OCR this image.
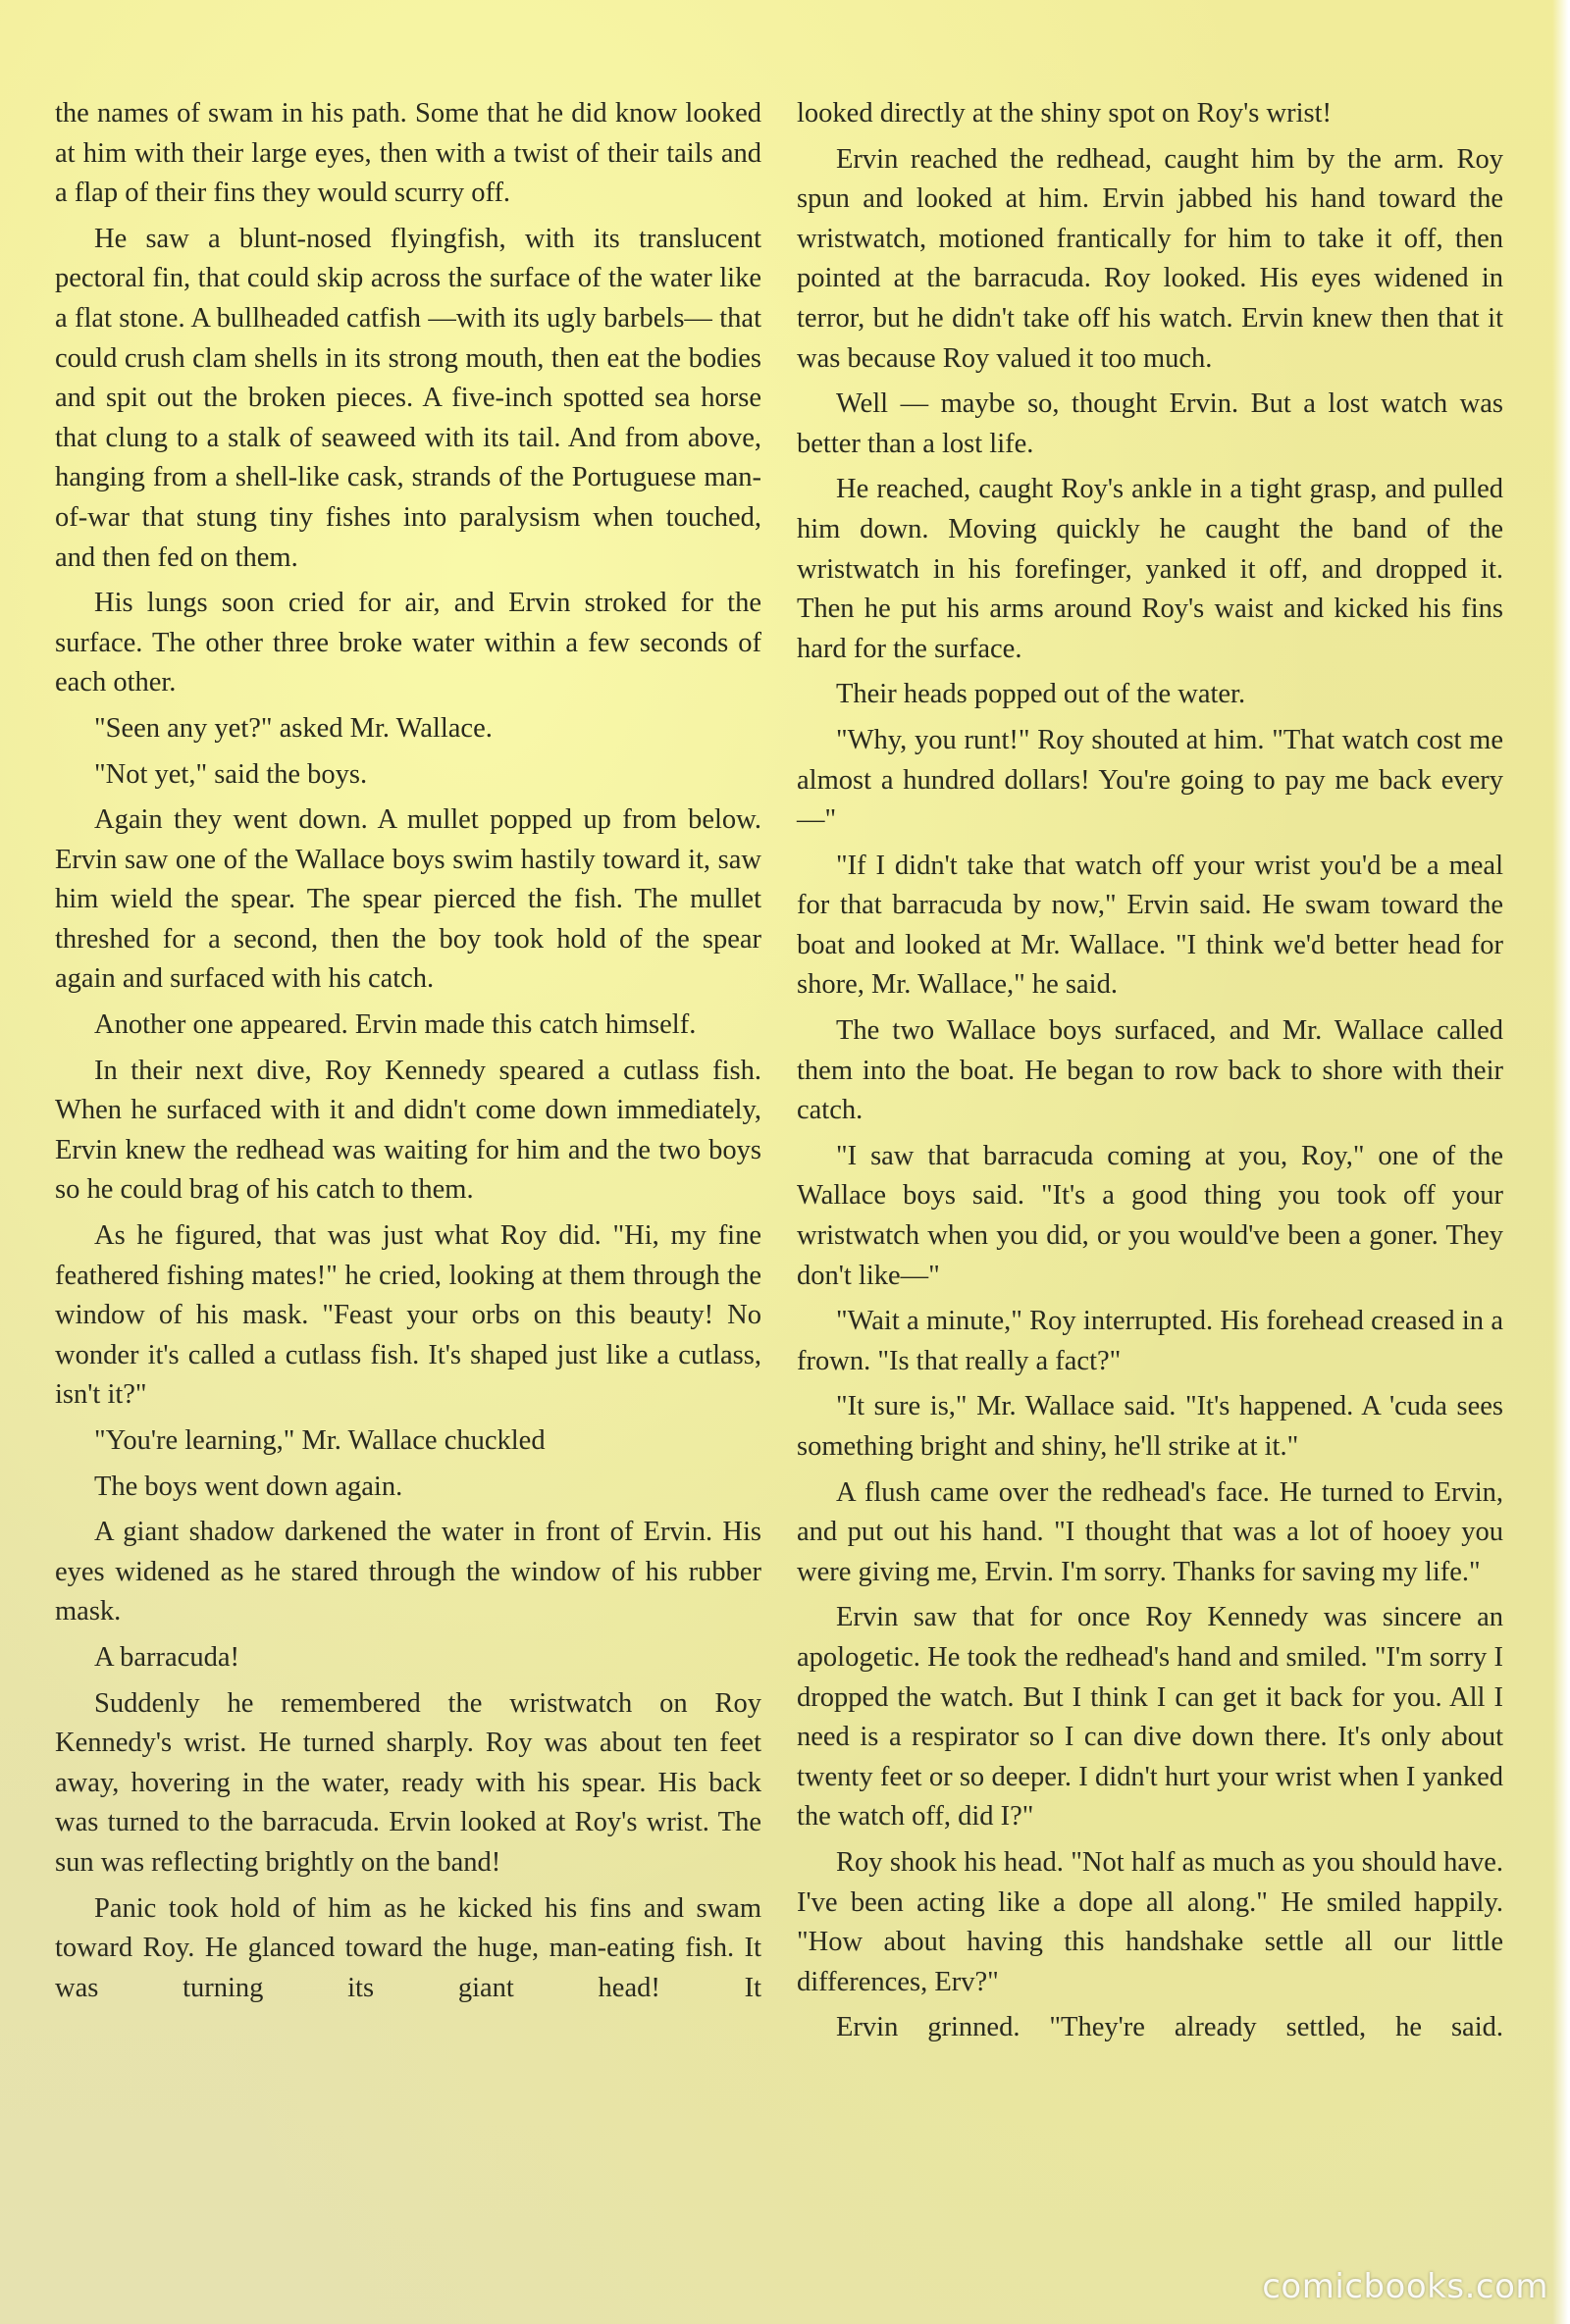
the names of swam in his path. Some that he did know looked at him with their large eyes, then with a twist of their tails and a flap of their fins they would scurry off.

He saw a blunt-nosed flyingfish, with its translucent pectoral fin, that could skip across the surface of the water like a flat stone. A bullheaded catfish —with its ugly barbels— that could crush clam shells in its strong mouth, then eat the bodies and spit out the broken pieces. A five-inch spotted sea horse that clung to a stalk of seaweed with its tail. And from above, hanging from a shell-like cask, strands of the Portuguese man-of-war that stung tiny fishes into paralysism when touched, and then fed on them.

His lungs soon cried for air, and Ervin stroked for the surface. The other three broke water within a few seconds of each other.

"Seen any yet?" asked Mr. Wallace.

"Not yet," said the boys.

Again they went down. A mullet popped up from below. Ervin saw one of the Wallace boys swim hastily toward it, saw him wield the spear. The spear pierced the fish. The mullet threshed for a second, then the boy took hold of the spear again and surfaced with his catch.

Another one appeared. Ervin made this catch himself.

In their next dive, Roy Kennedy speared a cutlass fish. When he surfaced with it and didn't come down immediately, Ervin knew the redhead was waiting for him and the two boys so he could brag of his catch to them.

As he figured, that was just what Roy did. "Hi, my fine feathered fishing mates!" he cried, looking at them through the window of his mask. "Feast your orbs on this beauty! No wonder it's called a cutlass fish. It's shaped just like a cutlass, isn't it?"

"You're learning," Mr. Wallace chuckled

The boys went down again.

A giant shadow darkened the water in front of Ervin. His eyes widened as he stared through the window of his rubber mask.

A barracuda!

Suddenly he remembered the wristwatch on Roy Kennedy's wrist. He turned sharply. Roy was about ten feet away, hovering in the water, ready with his spear. His back was turned to the barracuda. Ervin looked at Roy's wrist. The sun was reflecting brightly on the band!

Panic took hold of him as he kicked his fins and swam toward Roy. He glanced toward the huge, man-eating fish. It was turning its giant head! It

looked directly at the shiny spot on Roy's wrist!

Ervin reached the redhead, caught him by the arm. Roy spun and looked at him. Ervin jabbed his hand toward the wristwatch, motioned frantically for him to take it off, then pointed at the barracuda. Roy looked. His eyes widened in terror, but he didn't take off his watch. Ervin knew then that it was because Roy valued it too much.

Well — maybe so, thought Ervin. But a lost watch was better than a lost life.

He reached, caught Roy's ankle in a tight grasp, and pulled him down. Moving quickly he caught the band of the wristwatch in his forefinger, yanked it off, and dropped it. Then he put his arms around Roy's waist and kicked his fins hard for the surface.

Their heads popped out of the water.

"Why, you runt!" Roy shouted at him. "That watch cost me almost a hundred dollars! You're going to pay me back every—"

"If I didn't take that watch off your wrist you'd be a meal for that barracuda by now," Ervin said. He swam toward the boat and looked at Mr. Wallace. "I think we'd better head for shore, Mr. Wallace," he said.

The two Wallace boys surfaced, and Mr. Wallace called them into the boat. He began to row back to shore with their catch.

"I saw that barracuda coming at you, Roy," one of the Wallace boys said. "It's a good thing you took off your wristwatch when you did, or you would've been a goner. They don't like—"

"Wait a minute," Roy interrupted. His forehead creased in a frown. "Is that really a fact?"

"It sure is," Mr. Wallace said. "It's happened. A 'cuda sees something bright and shiny, he'll strike at it."

A flush came over the redhead's face. He turned to Ervin, and put out his hand. "I thought that was a lot of hooey you were giving me, Ervin. I'm sorry. Thanks for saving my life."

Ervin saw that for once Roy Kennedy was sincere an apologetic. He took the redhead's hand and smiled. "I'm sorry I dropped the watch. But I think I can get it back for you. All I need is a respirator so I can dive down there. It's only about twenty feet or so deeper. I didn't hurt your wrist when I yanked the watch off, did I?"

Roy shook his head. "Not half as much as you should have. I've been acting like a dope all along." He smiled happily. "How about having this handshake settle all our little differences, Erv?"

Ervin grinned. "They're already settled, he said.

comicbooks.com
